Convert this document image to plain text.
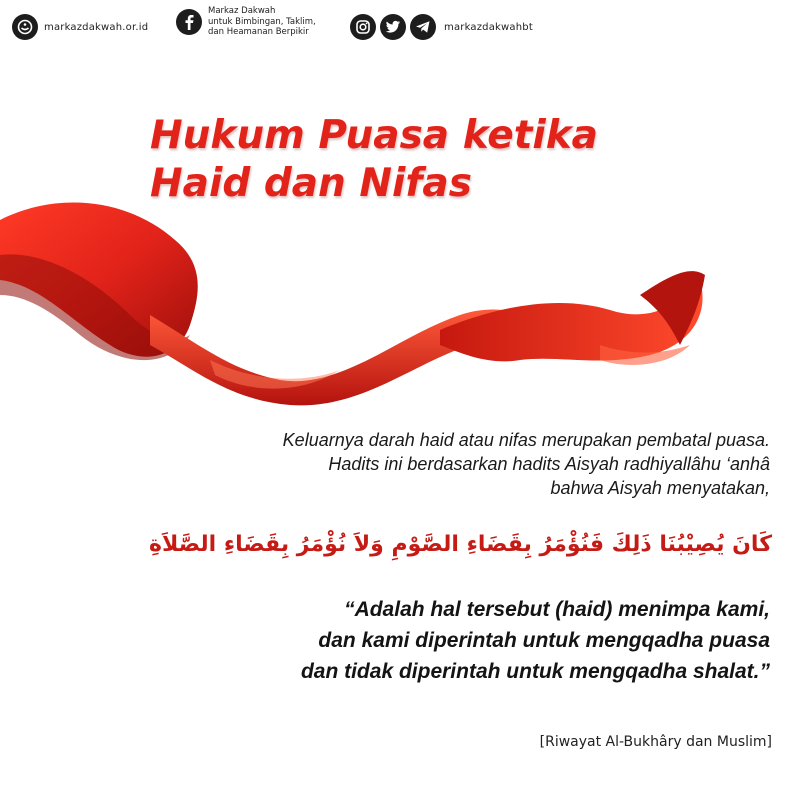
markazdakwah.or.id
Markaz Dakwah
untuk Bimbingan, Taklim,
dan Heamanan Berpikir	markazdakwahbt
Hukum Puasa ketika
Haid dan Nifas
Keluarnya darah haid atau nifas merupakan pembatal puasa.
Hadits ini berdasarkan hadits Aisyah radhiyallâhu ‘anhâ
bahwa Aisyah menyatakan,
كَانَ يُصِيْبُنَا ذَلِكَ فَنُؤْمَرُ بِقَضَاءِ الصَّوْمِ وَلاَ نُؤْمَرُ بِقَضَاءِ الصَّلاَةِ
“Adalah hal tersebut (haid) menimpa kami,
dan kami diperintah untuk mengqadha puasa
dan tidak diperintah untuk mengqadha shalat.”
[Riwayat Al-Bukhâry dan Muslim]
